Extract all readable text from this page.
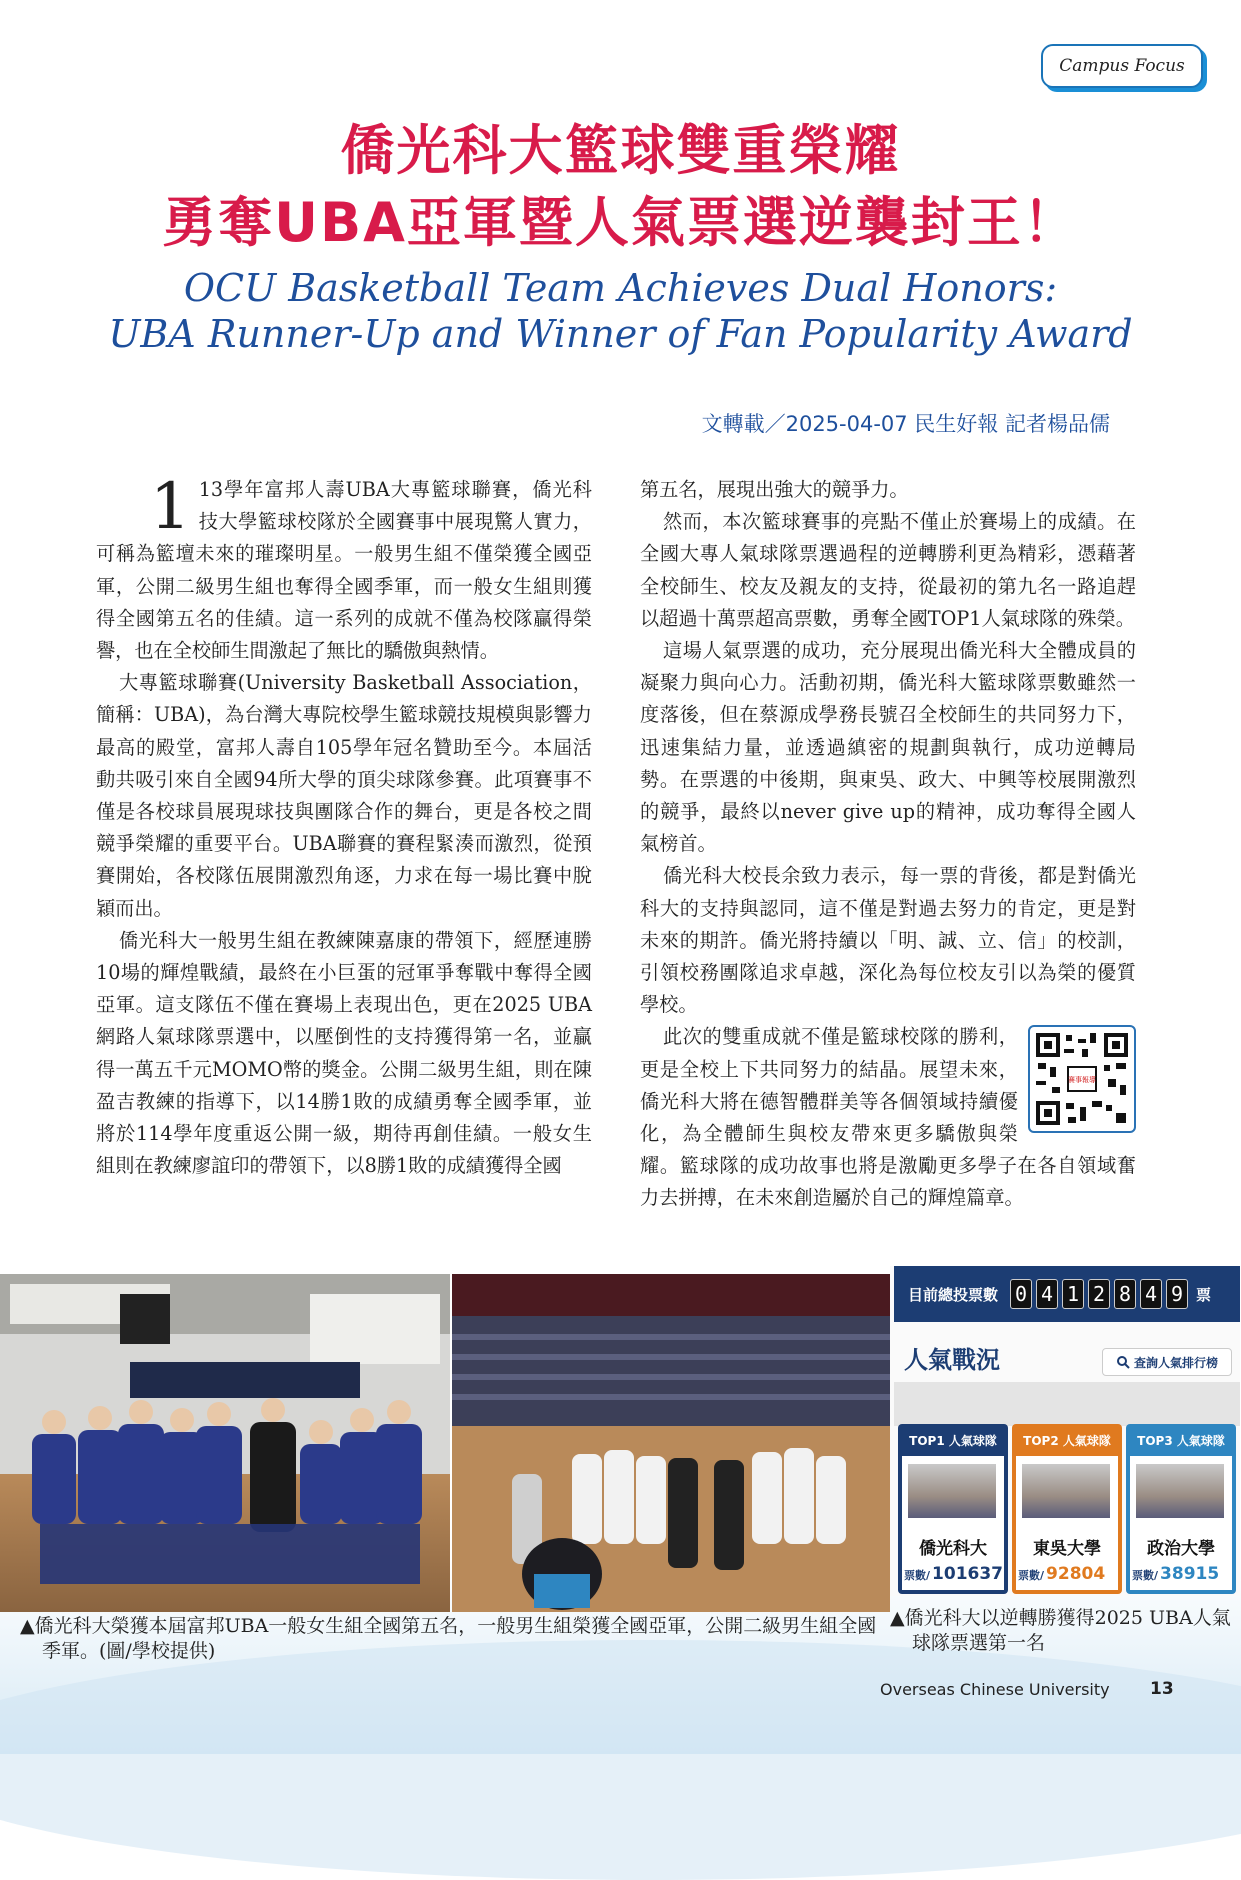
Campus Focus
僑光科大籃球雙重榮耀
勇奪UBA亞軍暨人氣票選逆襲封王！
OCU Basketball Team Achieves Dual Honors:
UBA Runner-Up and Winner of Fan Popularity Award
文轉載／2025-04-07 民生好報 記者楊品儒
1 13學年富邦人壽UBA大專籃球聯賽，僑光科技大學籃球校隊於全國賽事中展現驚人實力，可稱為籃壇未來的璀璨明星。一般男生組不僅榮獲全國亞軍，公開二級男生組也奪得全國季軍，而一般女生組則獲得全國第五名的佳績。這一系列的成就不僅為校隊贏得榮譽，也在全校師生間激起了無比的驕傲與熱情。

大專籃球聯賽(University Basketball Association，簡稱：UBA)，為台灣大專院校學生籃球競技規模與影響力最高的殿堂，富邦人壽自105學年冠名贊助至今。本屆活動共吸引來自全國94所大學的頂尖球隊參賽。此項賽事不僅是各校球員展現球技與團隊合作的舞台，更是各校之間競爭榮耀的重要平台。UBA聯賽的賽程緊湊而激烈，從預賽開始，各校隊伍展開激烈角逐，力求在每一場比賽中脫穎而出。

僑光科大一般男生組在教練陳嘉康的帶領下，經歷連勝10場的輝煌戰績，最終在小巨蛋的冠軍爭奪戰中奪得全國亞軍。這支隊伍不僅在賽場上表現出色，更在2025 UBA網路人氣球隊票選中，以壓倒性的支持獲得第一名，並贏得一萬五千元MOMO幣的獎金。公開二級男生組，則在陳盈吉教練的指導下，以14勝1敗的成績勇奪全國季軍，並將於114學年度重返公開一級，期待再創佳績。一般女生組則在教練廖誼印的帶領下，以8勝1敗的成績獲得全國

第五名，展現出強大的競爭力。

然而，本次籃球賽事的亮點不僅止於賽場上的成績。在全國大專人氣球隊票選過程的逆轉勝利更為精彩，憑藉著全校師生、校友及親友的支持，從最初的第九名一路追趕以超過十萬票超高票數，勇奪全國TOP1人氣球隊的殊榮。

這場人氣票選的成功，充分展現出僑光科大全體成員的凝聚力與向心力。活動初期，僑光科大籃球隊票數雖然一度落後，但在蔡源成學務長號召全校師生的共同努力下，迅速集結力量，並透過縝密的規劃與執行，成功逆轉局勢。在票選的中後期，與東吳、政大、中興等校展開激烈的競爭，最終以never give up的精神，成功奪得全國人氣榜首。

僑光科大校長余致力表示，每一票的背後，都是對僑光科大的支持與認同，這不僅是對過去努力的肯定，更是對未來的期許。僑光將持續以「明、誠、立、信」的校訓，引領校務團隊追求卓越，深化為每位校友引以為榮的優質學校。

賽事報導
此次的雙重成就不僅是籃球校隊的勝利，更是全校上下共同努力的結晶。展望未來，僑光科大將在德智體群美等各個領域持續優化，為全體師生與校友帶來更多驕傲與榮耀。籃球隊的成功故事也將是激勵更多學子在各自領域奮力去拼搏，在未來創造屬於自己的輝煌篇章。

目前總投票數 0 4 1 2 8 4 9 票
人氣戰況	查詢人氣排行榜
TOP1 人氣球隊
僑光科大
票數/ 101637
TOP2 人氣球隊
東吳大學
票數/ 92804
TOP3 人氣球隊
政治大學
票數/ 38915
▲僑光科大榮獲本屆富邦UBA一般女生組全國第五名，一般男生組榮獲全國亞軍，公開二級男生組全國季軍。(圖/學校提供)
▲僑光科大以逆轉勝獲得2025 UBA人氣球隊票選第一名
Overseas Chinese University 13
